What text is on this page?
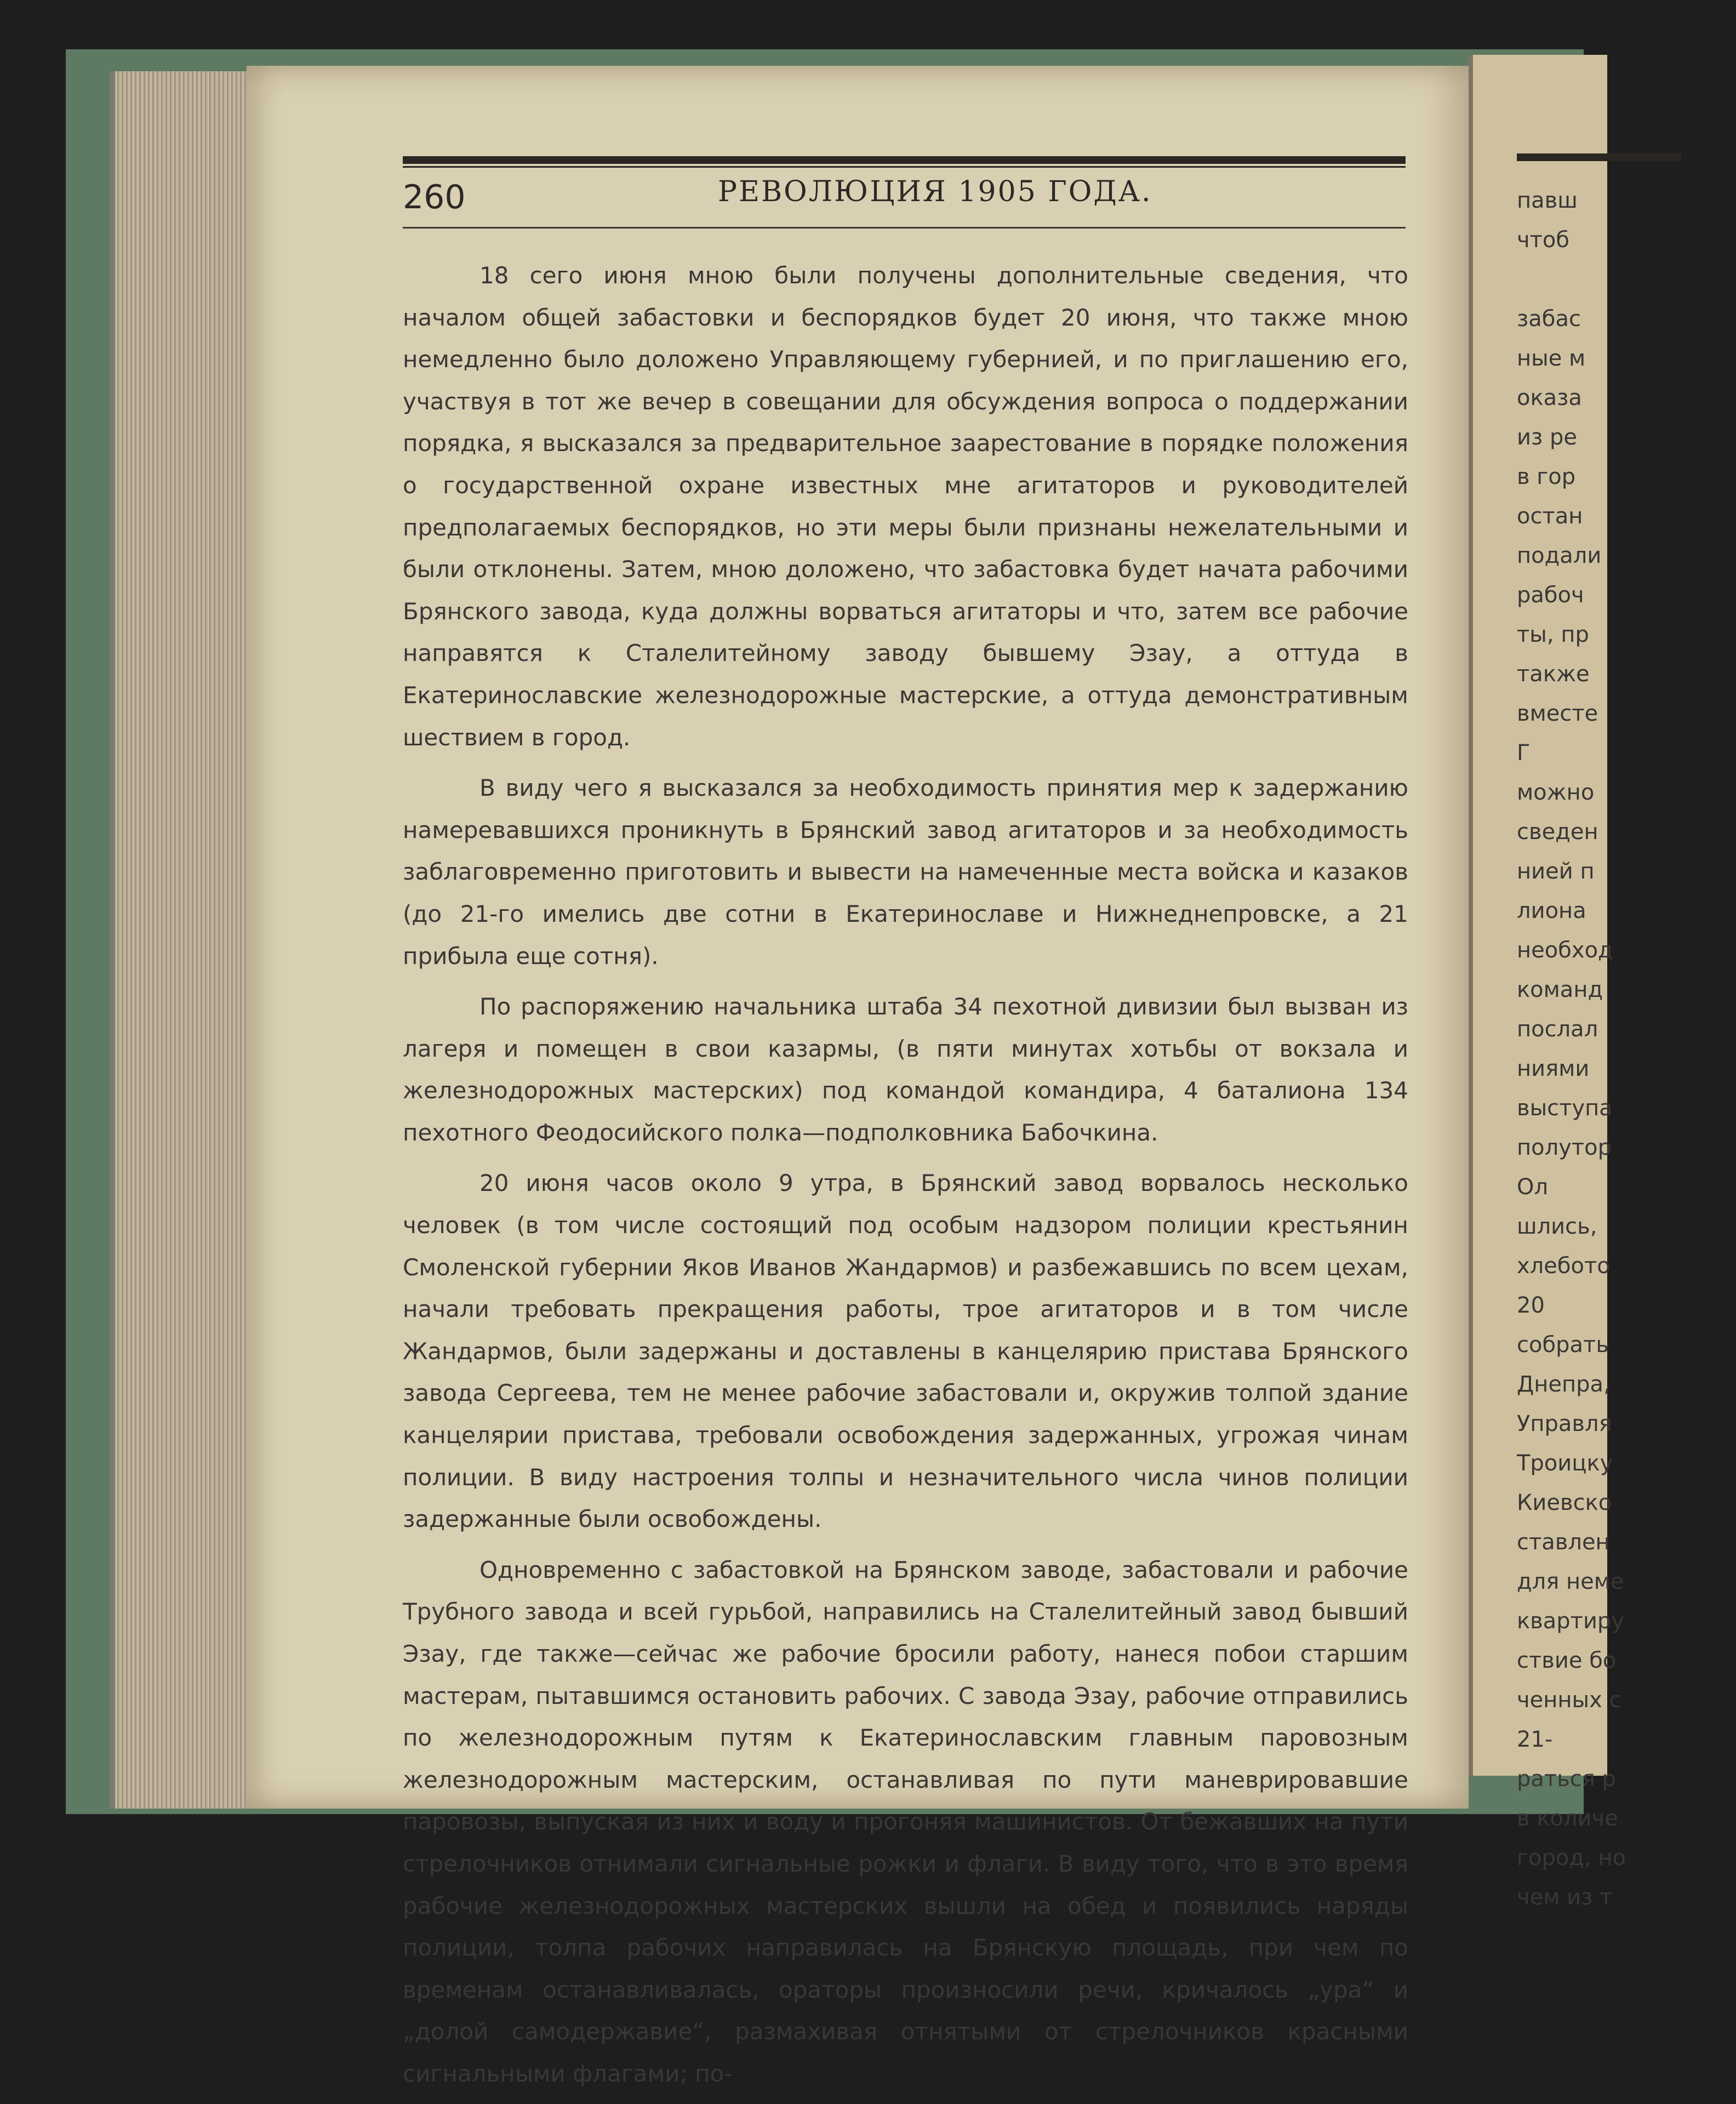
павш
чтоб

забас
ные м
оказа
из ре
в гор
остан
подали
рабоч
ты, пр
также
вместе
Г
можно
сведен
нией п
лиона
необход
команд
послал
ниями
выступа
полутор
Ол
шлись,
хлебото
20
собрать
Днепра,
Управля
Троицку
Киевско
ставлен
для неме
квартиру
ствие бо
ченных с
21-
раться р
в количе
город, но
чем из т
260	РЕВОЛЮЦИЯ 1905 ГОДА.

18 сего июня мною были получены дополнительные сведения, что началом общей забастовки и беспорядков будет 20 июня, что также мною немедленно было доложено Управляющему губернией, и по приглашению его, участвуя в тот же вечер в совещании для обсуждения вопроса о поддержании порядка, я высказался за предварительное заарестование в порядке положения о государственной охране известных мне агитаторов и руководителей предполагаемых беспорядков, но эти меры были признаны нежелательными и были отклонены. Затем, мною доложено, что забастовка будет начата рабочими Брянского завода, куда должны ворваться агитаторы и что, затем все рабочие направятся к Сталелитейному заводу бывшему Эзау, а оттуда в Екатеринославские железнодорожные мастерские, а оттуда демонстративным шествием в город.

В виду чего я высказался за необходимость принятия мер к задержанию намеревавшихся проникнуть в Брянский завод агитаторов и за необходимость заблаговременно приготовить и вывести на намеченные места войска и казаков (до 21-го имелись две сотни в Екатеринославе и Нижнеднепровске, а 21 прибыла еще сотня).

По распоряжению начальника штаба 34 пехотной дивизии был вызван из лагеря и помещен в свои казармы, (в пяти минутах хотьбы от вокзала и железнодорожных мастерских) под командой командира, 4 баталиона 134 пехотного Феодосийского полка—подполковника Бабочкина.

20 июня часов около 9 утра, в Брянский завод ворвалось несколько человек (в том числе состоящий под особым надзором полиции крестьянин Смоленской губернии Яков Иванов Жандармов) и разбежавшись по всем цехам, начали требовать прекращения работы, трое агитаторов и в том числе Жандармов, были задержаны и доставлены в канцелярию пристава Брянского завода Сергеева, тем не менее рабочие забастовали и, окружив толпой здание канцелярии пристава, требовали освобождения задержанных, угрожая чинам полиции. В виду настроения толпы и незначительного числа чинов полиции задержанные были освобождены.

Одновременно с забастовкой на Брянском заводе, забастовали и рабочие Трубного завода и всей гурьбой, направились на Сталелитейный завод бывший Эзау, где также—сейчас же рабочие бросили работу, нанеся побои старшим мастерам, пытавшимся остановить рабочих. С завода Эзау, рабочие отправились по железнодорожным путям к Екатеринославским главным паровозным железнодорожным мастерским, останавливая по пути маневрировавшие паровозы, выпуская из них и воду и прогоняя машинистов. От бежавших на пути стрелочников отнимали сигнальные рожки и флаги. В виду того, что в это время рабочие железнодорожных мастерских вышли на обед и появились наряды полиции, толпа рабочих направилась на Брянскую площадь, при чем по временам останавливалась, ораторы произносили речи, кричалось „ура“ и „долой самодержавие“, размахивая отнятыми от стрелочников красными сигнальными флагами; по-
